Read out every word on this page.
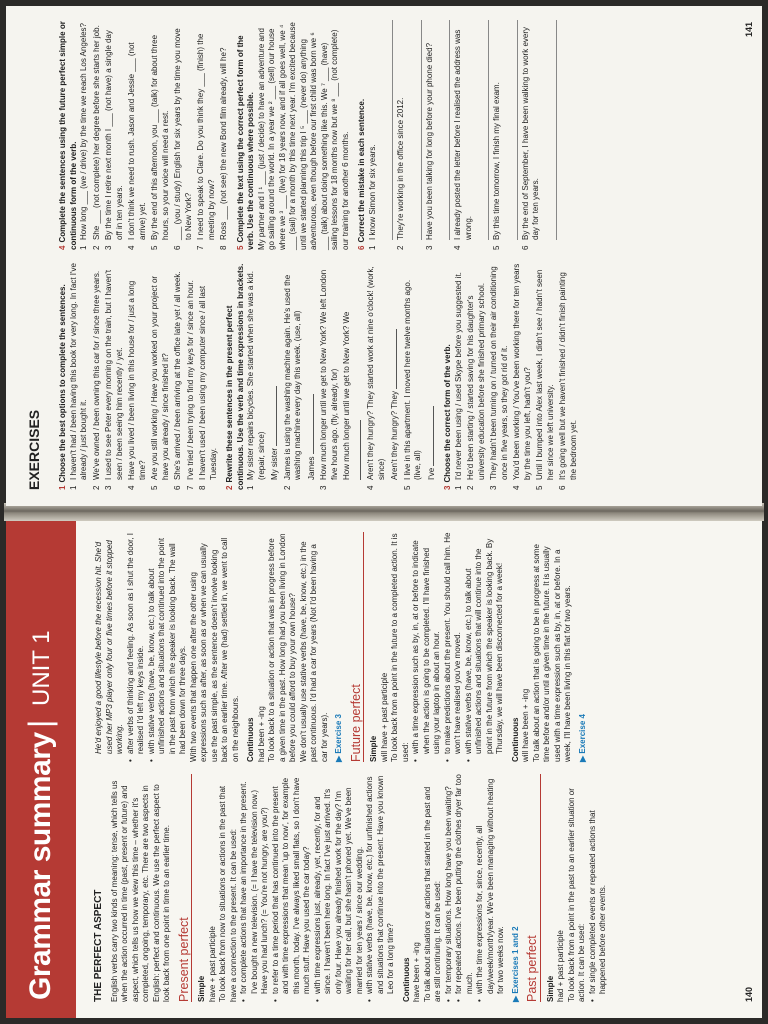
Grammar summary
|
UNIT 1
THE PERFECT ASPECT English verbs carry two kinds of meaning: tense, which tells us when the action occurred in time (past, present or future) and aspect, which tells us how we view this time – whether it's completed, ongoing, temporary, etc. There are two aspects in English: perfect and continuous. We use the perfect aspect to look back from one point in time to an earlier time. Present perfect Simple have + past participle To look back from now to situations or actions in the past that have a connection to the present. It can be used: • for complete actions that have an importance in the present. I've bought a new television. (= I have the television now.) Have you had lunch? (= You're not hungry, are you?) • to refer to a time period that has continued into the present and with time expressions that mean 'up to now', for example this month, today. I've always liked small flats, so I don't have much stuff. Have you used the car today? • with time expressions just, already, yet, recently, for and since. I haven't been here long. In fact I've just arrived. It's only four. Have you already finished work for the day? I'm waiting for her call, but she hasn't phoned yet. We've been married for ten years / since our wedding. • with stative verbs (have, be, know, etc.) for unfinished actions and situations that continue into the present. Have you known Leo for a long time? Continuous have been + -ing To talk about situations or actions that started in the past and are still continuing. It can be used: • for temporary situations. How long have you been waiting? • for repeated actions. I've been putting the clothes dryer far too much. • with the time expressions for, since, recently, all day/week/month/year. We've been managing without heating for two weeks now. ▶ Exercises 1 and 2 Past perfect Simple had + past participle To look back from a point in the past to an earlier situation or action. It can be used: • for single completed events or repeated actions that happened before other events.
He'd enjoyed a good lifestyle before the recession hit. She'd used her MP3 player only four or five times before it stopped working. • after verbs of thinking and feeling. As soon as I shut the door, I realised I'd left my keys inside. • with stative verbs (have, be, know, etc.) to talk about unfinished actions and situations that continued into the point in the past from which the speaker is looking back. The wall had been down for three days. With two events that happen one after the other using expressions such as after, as soon as or when we can usually use the past simple, as the sentence doesn't involve looking back to an earlier time. After we (had) settled in, we went to call on the neighbours. Continuous had been + -ing To look back to a situation or action that was in progress before a given time in the past. How long had you been living in London before you could afford to buy your own house? We don't usually use stative verbs (have, be, know, etc.) in the past continuous. I'd had a car for years (Not I'd been having a car for years). ▶ Exercise 3 Future perfect Simple will have + past participle To look back from a point in the future to a completed action. It is used: • with a time expression such as by, in, at or before to indicate when the action is going to be completed. I'll have finished using your laptop in about an hour. • to make predictions about the present. You should call him. He won't have realised you've moved. • with stative verbs (have, be, know, etc.) to talk about unfinished actions and situations that will continue into the point in the future from which the speaker is looking back. By Thursday, we will have been disconnected for a week! Continuous will have been + -ing To talk about an action that is going to be in progress at some time before and/or until a given time in the future. It is usually used with a time expression such as by, in, at or before. In a week, I'll have been living in this flat for two years. ▶ Exercise 4
140
EXERCISES 1Choose the best options to complete the sentences.
1
I haven't had / been having this book for very long. In fact I've already / just bought it.
2
We've owned / been owning this car for / since three years.
3
I used to see Peter every morning on the train, but I haven't seen / been seeing him recently / yet.
4
Have you lived / been living in this house for / just a long time?
5
Are you still working / Have you worked on your project or have you already / since finished it?
6
She's arrived / been arriving at the office late yet / all week.
7
I've tried / been trying to find my keys for / since an hour.
8
I haven't used / been using my computer since / all last Tuesday.
2Rewrite these sentences in the present perfect continuous. Use the verb and time expressions in brackets. 1
My sister repairs bicycles. She started when she was a kid. (repair, since) My sister
2
James is using the washing machine again. He's used the washing machine every day this week. (use, all) James
3
How much longer until we get to New York? We left London five hours ago. (fly, already, for) How much longer until we get to New York? We
4
Aren't they hungry? They started work at nine o'clock! (work, since) Aren't they hungry? They
5
I live in this apartment. I moved here twelve months ago. (live, all) I've
3Choose the correct form of the verb.
1
I'd never been using / used Skype before you suggested it.
2
He'd been starting / started saving for his daughter's university education before she finished primary school.
3
They hadn't been turning on / turned on their air conditioning once in five years, so they got rid of it.
4
You'd been working / You've been working there for ten years by the time you left, hadn't you?
5
Until I bumped into Alex last week, I didn't see / hadn't seen her since we left university.
6
It's going well but we haven't finished / didn't finish painting the bedroom yet.
4Complete the sentences using the future perfect simple or continuous form of the verb. 1
How long ___ (we / drive) by the time we reach Los Angeles?
2
She ___ (not complete) her degree before she starts her job.
3
By the time I retire next month I ___ (not have) a single day off in ten years.
4
I don't think we need to rush. Jason and Jessie ___ (not arrive) yet.
5
By the end of this afternoon, you ___ (talk) for about three hours, so your voice will need a rest.
6
___ (you / study) English for six years by the time you move to New York?
7
I need to speak to Clare. Do you think they ___ (finish) the meeting by now?
8
Ross ___ (not see) the new Bond film already, will he?
5Complete the text using the correct perfect form of the verb. Use the continuous where possible. My partner and I ¹ ___ (just / decide) to have an adventure and go sailing around the world. In a year we ² ___ (sell) our house where we ³ ___ (live) for 18 years now, and if all goes well, we ⁴ ___ (sail) for a month by this time next year. I'm excited because until we started planning this trip I ⁵ ___ (never do) anything adventurous, even though before our first child was born we ⁶ ___ (talk) about doing something like this. We ⁷ ___ (have) sailing lessons for 18 months now but we ⁸ ___ (not complete) our training for another 6 months. 6Correct the mistake in each sentence.
1
I know Simon for six years.
2
They're working in the office since 2012.
3
Have you been talking for long before your phone died?
4
I already posted the letter before I realised the address was wrong.
5
By this time tomorrow, I finish my final exam.
6
By the end of September, I have been walking to work every day for ten years.
141
